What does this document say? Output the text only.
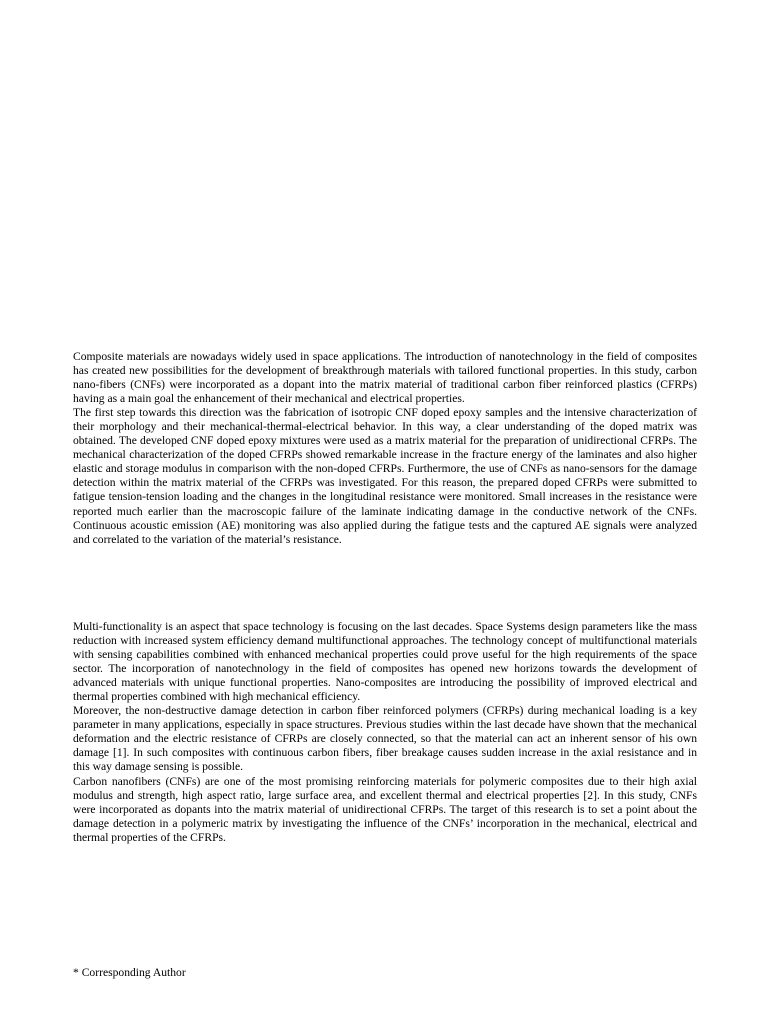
Composite materials are nowadays widely used in space applications. The introduction of nanotechnology in the field of composites has created new possibilities for the development of breakthrough materials with tailored functional properties. In this study, carbon nano-fibers (CNFs) were incorporated as a dopant into the matrix material of traditional carbon fiber reinforced plastics (CFRPs) having as a main goal the enhancement of their mechanical and electrical properties.

The first step towards this direction was the fabrication of isotropic CNF doped epoxy samples and the intensive characterization of their morphology and their mechanical-thermal-electrical behavior. In this way, a clear understanding of the doped matrix was obtained. The developed CNF doped epoxy mixtures were used as a matrix material for the preparation of unidirectional CFRPs. The mechanical characterization of the doped CFRPs showed remarkable increase in the fracture energy of the laminates and also higher elastic and storage modulus in comparison with the non-doped CFRPs. Furthermore, the use of CNFs as nano-sensors for the damage detection within the matrix material of the CFRPs was investigated. For this reason, the prepared doped CFRPs were submitted to fatigue tension-tension loading and the changes in the longitudinal resistance were monitored. Small increases in the resistance were reported much earlier than the macroscopic failure of the laminate indicating damage in the conductive network of the CNFs. Continuous acoustic emission (AE) monitoring was also applied during the fatigue tests and the captured AE signals were analyzed and correlated to the variation of the material’s resistance.

Multi-functionality is an aspect that space technology is focusing on the last decades. Space Systems design parameters like the mass reduction with increased system efficiency demand multifunctional approaches. The technology concept of multifunctional materials with sensing capabilities combined with enhanced mechanical properties could prove useful for the high requirements of the space sector. The incorporation of nanotechnology in the field of composites has opened new horizons towards the development of advanced materials with unique functional properties. Nano-composites are introducing the possibility of improved electrical and thermal properties combined with high mechanical efficiency.

Moreover, the non-destructive damage detection in carbon fiber reinforced polymers (CFRPs) during mechanical loading is a key parameter in many applications, especially in space structures. Previous studies within the last decade have shown that the mechanical deformation and the electric resistance of CFRPs are closely connected, so that the material can act an inherent sensor of his own damage [1]. In such composites with continuous carbon fibers, fiber breakage causes sudden increase in the axial resistance and in this way damage sensing is possible.

Carbon nanofibers (CNFs) are one of the most promising reinforcing materials for polymeric composites due to their high axial modulus and strength, high aspect ratio, large surface area, and excellent thermal and electrical properties [2]. In this study, CNFs were incorporated as dopants into the matrix material of unidirectional CFRPs. The target of this research is to set a point about the damage detection in a polymeric matrix by investigating the influence of the CNFs’ incorporation in the mechanical, electrical and thermal properties of the CFRPs.

* Corresponding Author
